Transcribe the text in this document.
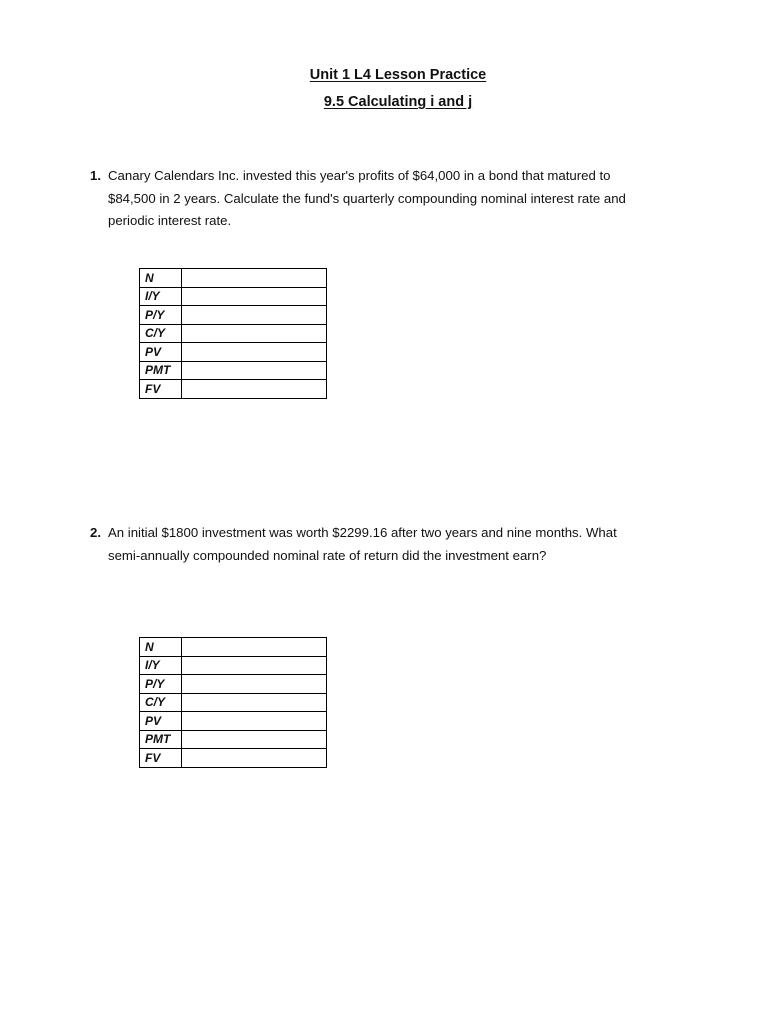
Unit 1 L4 Lesson Practice
9.5 Calculating i and j
1. Canary Calendars Inc. invested this year's profits of $64,000 in a bond that matured to
$84,500 in 2 years. Calculate the fund's quarterly compounding nominal interest rate and
periodic interest rate.
N	
I/Y	
P/Y	
C/Y	
PV	
PMT	
FV	
2. An initial $1800 investment was worth $2299.16 after two years and nine months. What
semi-annually compounded nominal rate of return did the investment earn?
N	
I/Y	
P/Y	
C/Y	
PV	
PMT	
FV	
